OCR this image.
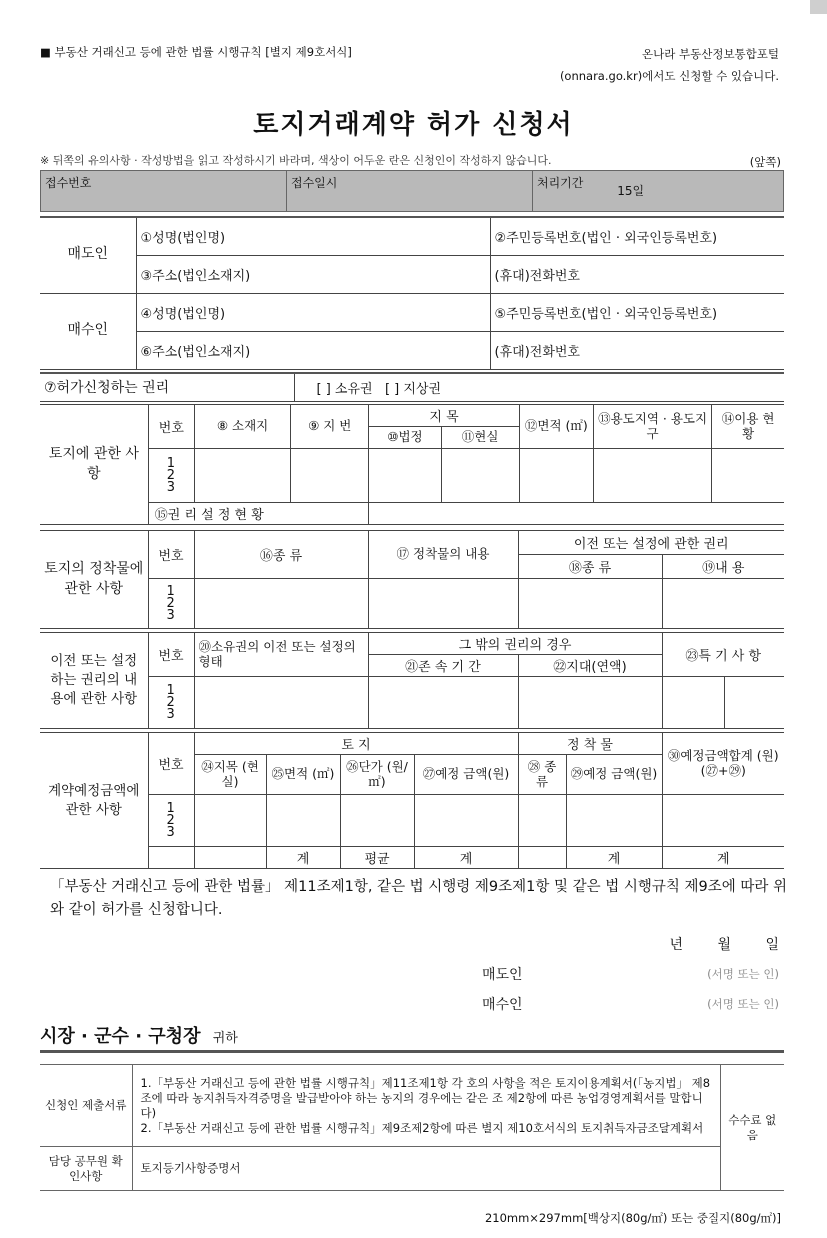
■ 부동산 거래신고 등에 관한 법률 시행규칙 [별지 제9호서식]	온나라 부동산정보통합포털
(onnara.go.kr)에서도 신청할 수 있습니다.
토지거래계약 허가 신청서
※ 뒤쪽의 유의사항 · 작성방법을 읽고 작성하시기 바라며, 색상이 어두운 란은 신청인이 작성하지 않습니다.	(앞쪽)
접수번호	접수일시	처리기간 15일
매도인	①성명(법인명)	②주민등록번호(법인 · 외국인등록번호)
	③주소(법인소재지)	(휴대)전화번호
매수인	④성명(법인명)	⑤주민등록번호(법인 · 외국인등록번호)
	⑥주소(법인소재지)	(휴대)전화번호
⑦허가신청하는 권리	[ ] 소유권   [ ] 지상권
토지에 관한 사항	번호	⑧ 소재지	⑨ 지 번	지 목		⑫면적 (㎡)	⑬용도지역 · 용도지구	⑭이용 현황
				⑩법정	⑪현실			
	1 2 3							
	⑮권 리 설 정 현 황							
토지의 정착물에 관한 사항	번호	⑯종 류	⑰ 정착물의 내용	이전 또는 설정에 관한 권리	
				⑱종 류	⑲내 용
	1 2 3				
이전 또는 설정하는 권리의 내용에 관한 사항	번호	⑳소유권의 이전 또는 설정의 형태	그 밖의 권리의 경우		㉓특 기 사 항	
			㉑존 속 기 간	㉒지대(연액)		
	1 2 3					
계약예정금액에 관한 사항	번호	토 지				정 착 물		㉚예정금액합계 (원)(㉗+㉙)
		㉔지목 (현실)	㉕면적 (㎡)	㉖단가 (원/㎡)	㉗예정 금액(원)	㉘ 종류	㉙예정 금액(원)	
	1 2 3							
			계	평균	계		계	계
「부동산 거래신고 등에 관한 법률」 제11조제1항, 같은 법 시행령 제9조제1항 및 같은 법 시행규칙 제9조에 따라 위와 같이 허가를 신청합니다.
년 월 일
매도인	(서명 또는 인)
매수인	(서명 또는 인)
시장 · 군수 · 구청장 귀하
신청인 제출서류	1.「부동산 거래신고 등에 관한 법률 시행규칙」제11조제1항 각 호의 사항을 적은 토지이용계획서(「농지법」 제8조에 따라 농지취득자격증명을 발급받아야 하는 농지의 경우에는 같은 조 제2항에 따른 농업경영계획서를 말합니다)
2.「부동산 거래신고 등에 관한 법률 시행규칙」제9조제2항에 따른 별지 제10호서식의 토지취득자금조달계획서	수수료 없음
담당 공무원 확인사항	토지등기사항증명서	
210mm×297mm[백상지(80g/㎡) 또는 중질지(80g/㎡)]
